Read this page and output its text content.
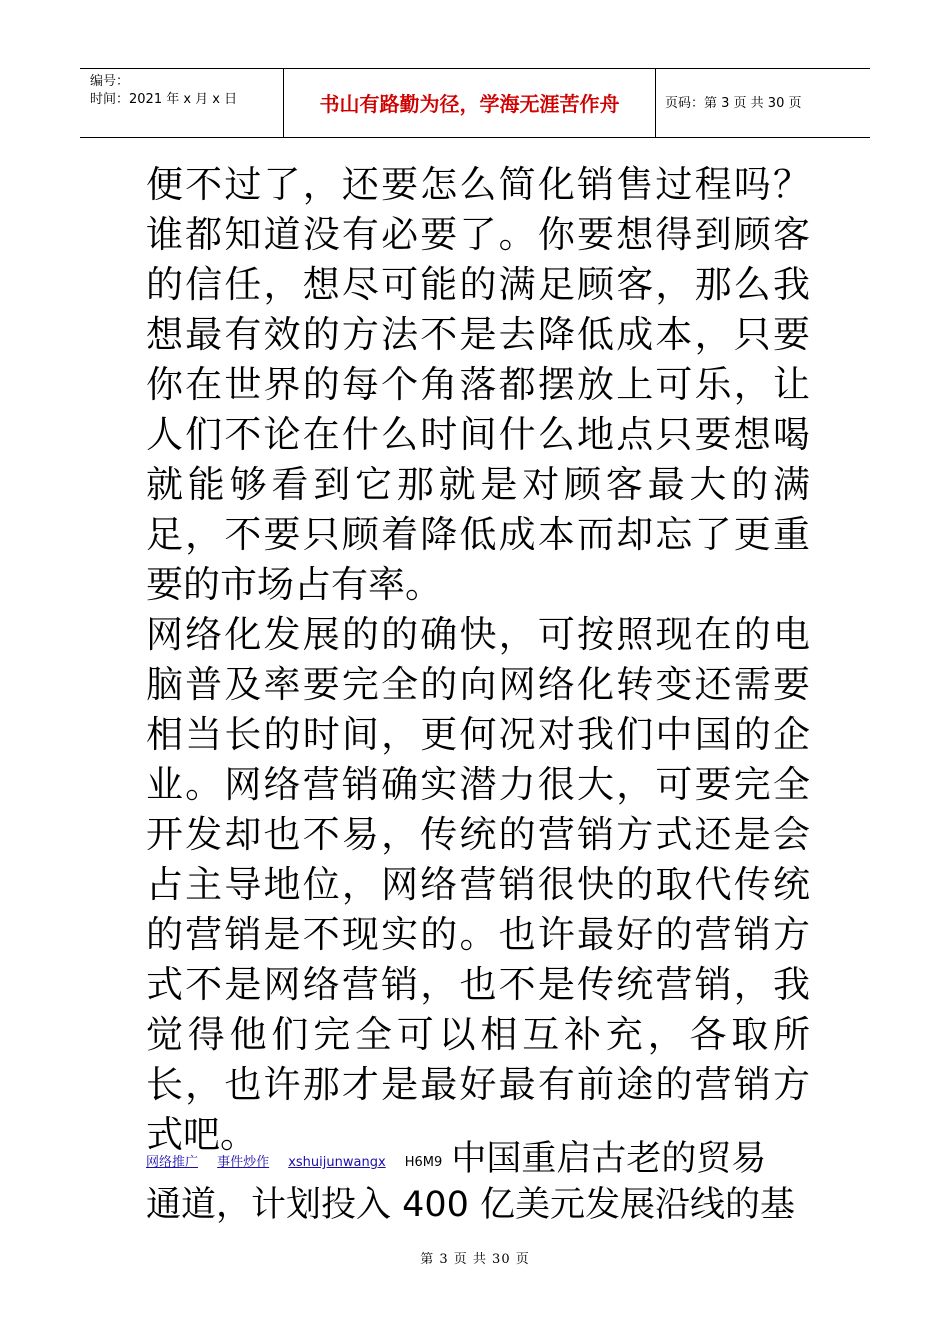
编号：
时间：2021 年 x 月 x 日	书山有路勤为径，学海无涯苦作舟	页码：第 3 页 共 30 页

便不过了，还要怎么简化销售过程吗？谁都知道没有必要了。你要想得到顾客的信任，想尽可能的满足顾客，那么我想最有效的方法不是去降低成本，只要你在世界的每个角落都摆放上可乐，让人们不论在什么时间什么地点只要想喝就能够看到它那就是对顾客最大的满足，不要只顾着降低成本而却忘了更重要的市场占有率。

网络化发展的的确快，可按照现在的电脑普及率要完全的向网络化转变还需要相当长的时间，更何况对我们中国的企业。网络营销确实潜力很大，可要完全开发却也不易，传统的营销方式还是会占主导地位，网络营销很快的取代传统的营销是不现实的。也许最好的营销方式不是网络营销，也不是传统营销，我觉得他们完全可以相互补充，各取所长，也许那才是最好最有前途的营销方式吧。

$^{网络推广}$ $^{事件炒作}$ $^{xshuijunwangx}$ $^{H6M9}$ 中国重启古老的贸易
通道，计划投入 400 亿美元发展沿线的基
第 3 页 共 30 页
